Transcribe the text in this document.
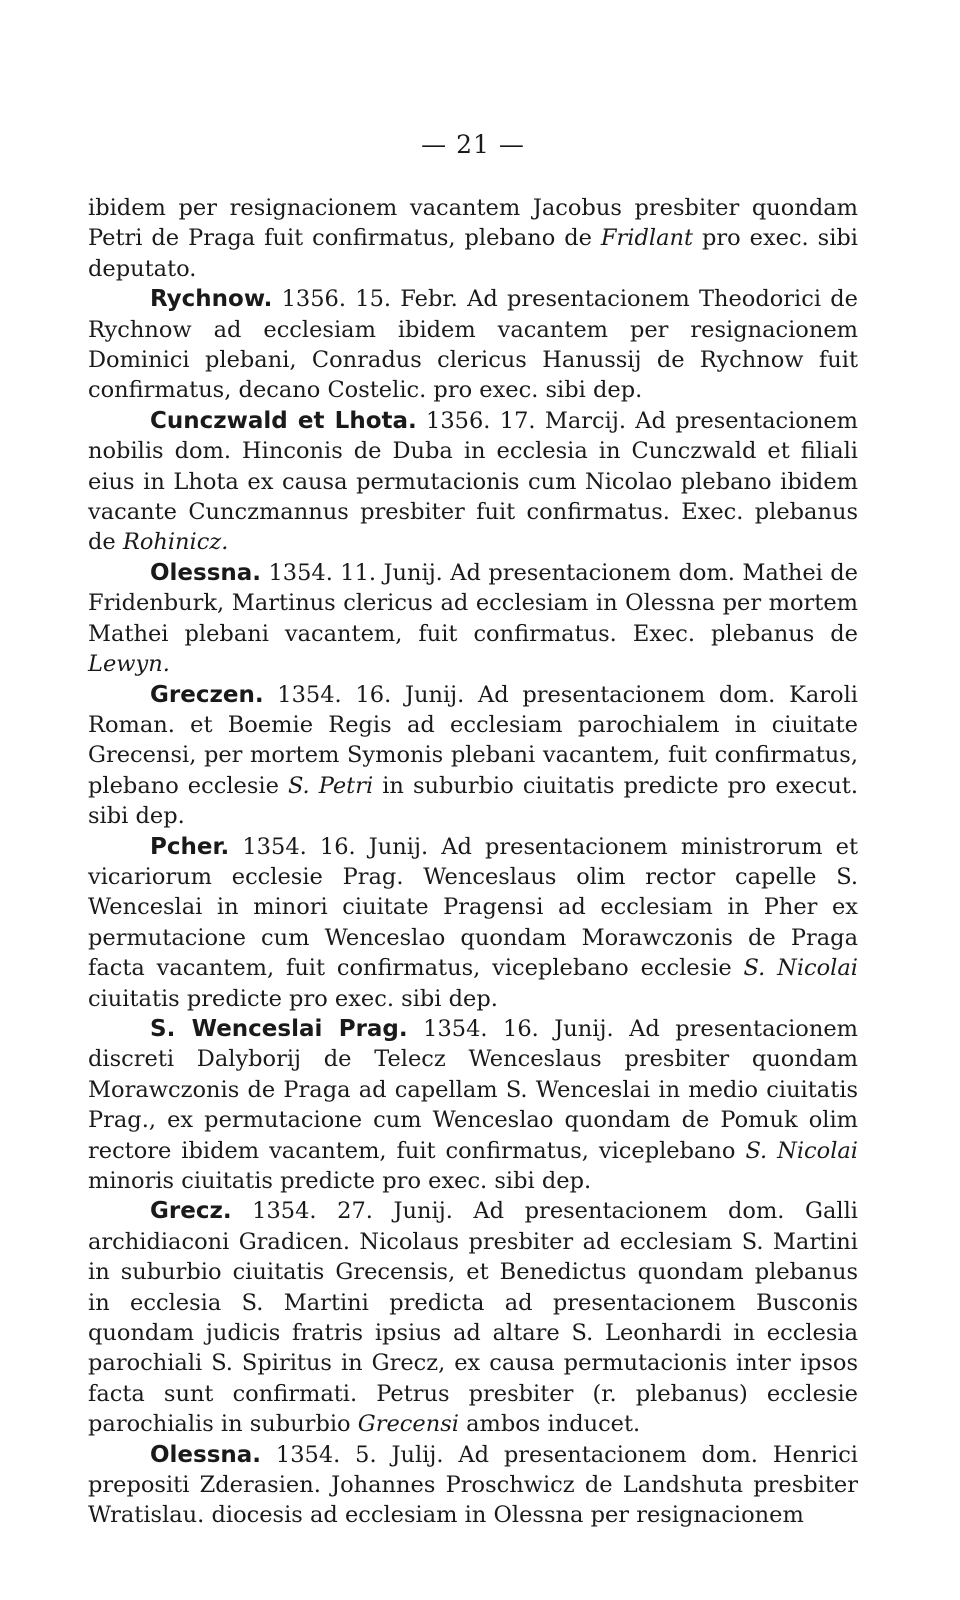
— 21 —

ibidem per resignacionem vacantem Jacobus presbiter quondam Petri de Praga fuit confirmatus, plebano de Fridlant pro exec. sibi deputato.

Rychnow. 1356. 15. Febr. Ad presentacionem Theodorici de Rychnow ad ecclesiam ibidem vacantem per resignacionem Dominici plebani, Conradus clericus Hanussij de Rychnow fuit confirmatus, decano Costelic. pro exec. sibi dep.

Cunczwald et Lhota. 1356. 17. Marcij. Ad presentacionem nobilis dom. Hinconis de Duba in ecclesia in Cunczwald et filiali eius in Lhota ex causa permutacionis cum Nicolao plebano ibidem vacante Cunczmannus presbiter fuit confirmatus. Exec. plebanus de Rohinicz.

Olessna. 1354. 11. Junij. Ad presentacionem dom. Mathei de Fridenburk, Martinus clericus ad ecclesiam in Olessna per mortem Mathei plebani vacantem, fuit confirmatus. Exec. plebanus de Lewyn.

Greczen. 1354. 16. Junij. Ad presentacionem dom. Karoli Roman. et Boemie Regis ad ecclesiam parochialem in ciuitate Grecensi, per mortem Symonis plebani vacantem, fuit confirmatus, plebano ecclesie S. Petri in suburbio ciuitatis predicte pro execut. sibi dep.

Pcher. 1354. 16. Junij. Ad presentacionem ministrorum et vicariorum ecclesie Prag. Wenceslaus olim rector capelle S. Wenceslai in minori ciuitate Pragensi ad ecclesiam in Pher ex permutacione cum Wenceslao quondam Morawczonis de Praga facta vacantem, fuit confirmatus, viceplebano ecclesie S. Nicolai ciuitatis predicte pro exec. sibi dep.

S. Wenceslai Prag. 1354. 16. Junij. Ad presentacionem discreti Dalyborij de Telecz Wenceslaus presbiter quondam Morawczonis de Praga ad capellam S. Wenceslai in medio ciuitatis Prag., ex permutacione cum Wenceslao quondam de Pomuk olim rectore ibidem vacantem, fuit confirmatus, viceplebano S. Nicolai minoris ciuitatis predicte pro exec. sibi dep.

Grecz. 1354. 27. Junij. Ad presentacionem dom. Galli archidiaconi Gradicen. Nicolaus presbiter ad ecclesiam S. Martini in suburbio ciuitatis Grecensis, et Benedictus quondam plebanus in ecclesia S. Martini predicta ad presentacionem Busconis quondam judicis fratris ipsius ad altare S. Leonhardi in ecclesia parochiali S. Spiritus in Grecz, ex causa permutacionis inter ipsos facta sunt confirmati. Petrus presbiter (r. plebanus) ecclesie parochialis in suburbio Grecensi ambos inducet.

Olessna. 1354. 5. Julij. Ad presentacionem dom. Henrici prepositi Zderasien. Johannes Proschwicz de Landshuta presbiter Wratislau. diocesis ad ecclesiam in Olessna per resignacionem
